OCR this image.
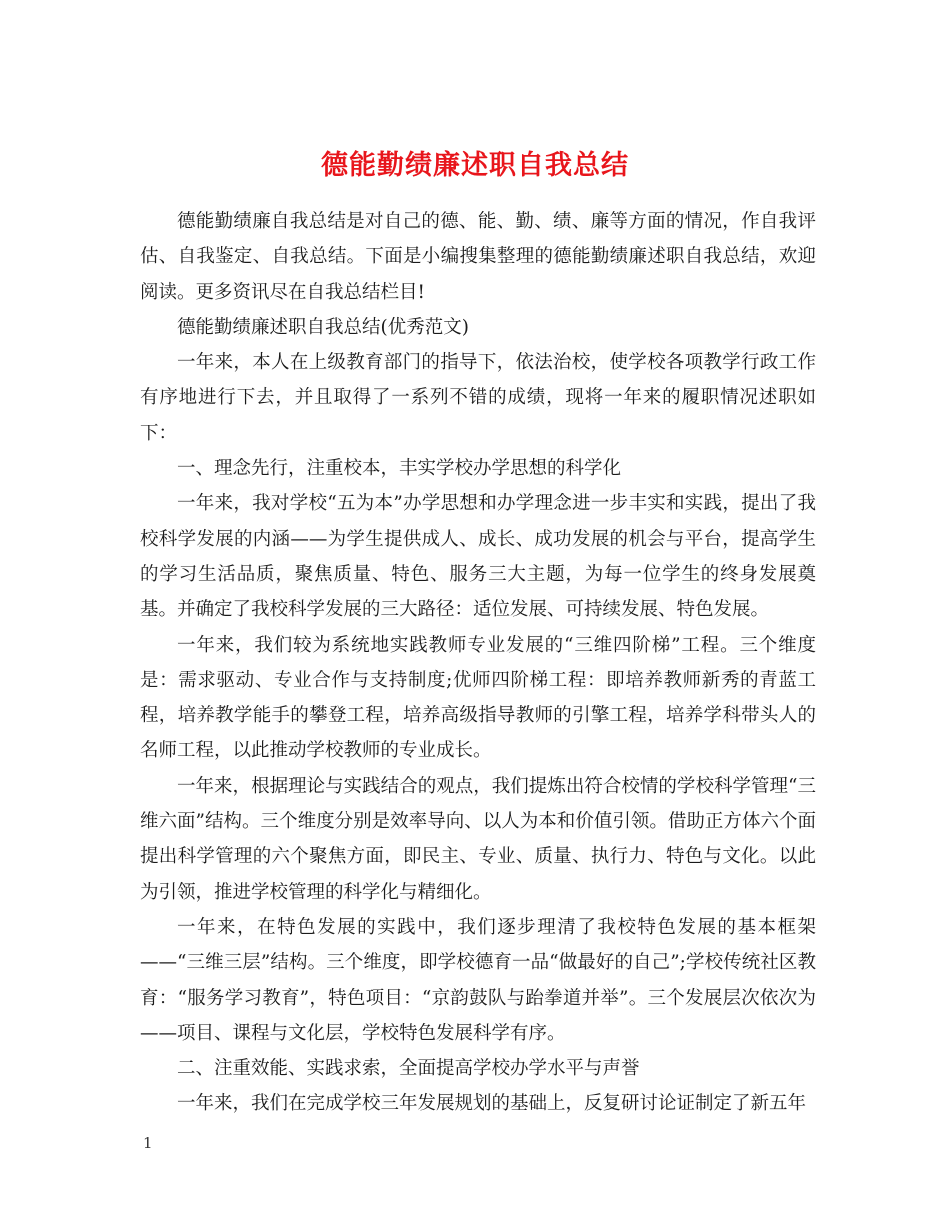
德能勤绩廉述职自我总结

德能勤绩廉自我总结是对自己的德、能、勤、绩、廉等方面的情况，作自我评估、自我鉴定、自我总结。下面是小编搜集整理的德能勤绩廉述职自我总结，欢迎阅读。更多资讯尽在自我总结栏目!

德能勤绩廉述职自我总结(优秀范文)

一年来，本人在上级教育部门的指导下，依法治校，使学校各项教学行政工作有序地进行下去，并且取得了一系列不错的成绩，现将一年来的履职情况述职如下：

一、理念先行，注重校本，丰实学校办学思想的科学化

一年来，我对学校“五为本”办学思想和办学理念进一步丰实和实践，提出了我校科学发展的内涵——为学生提供成人、成长、成功发展的机会与平台，提高学生的学习生活品质，聚焦质量、特色、服务三大主题，为每一位学生的终身发展奠基。并确定了我校科学发展的三大路径：适位发展、可持续发展、特色发展。

一年来，我们较为系统地实践教师专业发展的“三维四阶梯”工程。三个维度是：需求驱动、专业合作与支持制度;优师四阶梯工程：即培养教师新秀的青蓝工程，培养教学能手的攀登工程，培养高级指导教师的引擎工程，培养学科带头人的名师工程，以此推动学校教师的专业成长。

一年来，根据理论与实践结合的观点，我们提炼出符合校情的学校科学管理“三维六面”结构。三个维度分别是效率导向、以人为本和价值引领。借助正方体六个面提出科学管理的六个聚焦方面，即民主、专业、质量、执行力、特色与文化。以此为引领，推进学校管理的科学化与精细化。

一年来，在特色发展的实践中，我们逐步理清了我校特色发展的基本框架——“三维三层”结构。三个维度，即学校德育一品“做最好的自己”;学校传统社区教育：“服务学习教育”，特色项目：“京韵鼓队与跆拳道并举”。三个发展层次依次为——项目、课程与文化层，学校特色发展科学有序。

二、注重效能、实践求索，全面提高学校办学水平与声誉

一年来，我们在完成学校三年发展规划的基础上，反复研讨论证制定了新五年

1
